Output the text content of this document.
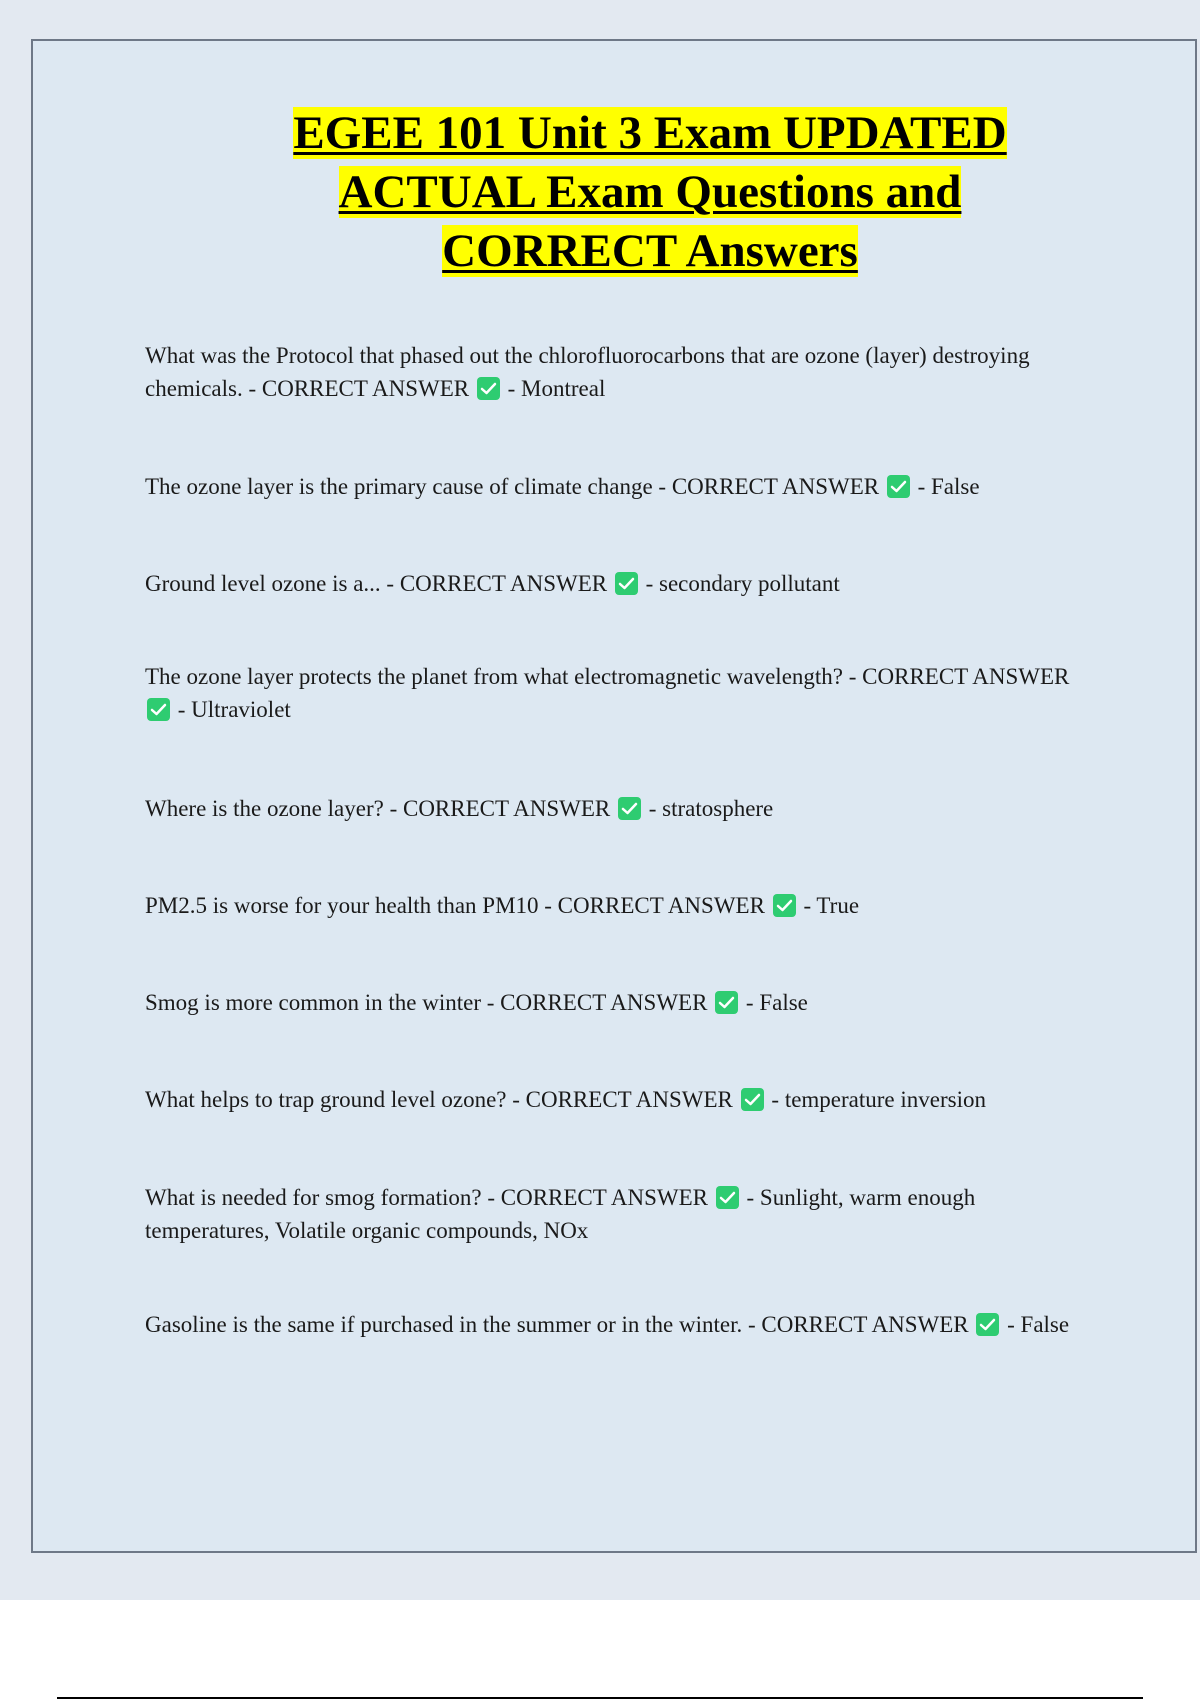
EGEE 101 Unit 3 Exam UPDATED
ACTUAL Exam Questions and
CORRECT Answers
What was the Protocol that phased out the chlorofluorocarbons that are ozone (layer) destroying chemicals. - CORRECT ANSWER - Montreal
The ozone layer is the primary cause of climate change - CORRECT ANSWER - False
Ground level ozone is a... - CORRECT ANSWER - secondary pollutant
The ozone layer protects the planet from what electromagnetic wavelength? - CORRECT ANSWER
- Ultraviolet
Where is the ozone layer? - CORRECT ANSWER - stratosphere
PM2.5 is worse for your health than PM10 - CORRECT ANSWER - True
Smog is more common in the winter - CORRECT ANSWER - False
What helps to trap ground level ozone? - CORRECT ANSWER - temperature inversion
What is needed for smog formation? - CORRECT ANSWER - Sunlight, warm enough temperatures, Volatile organic compounds, NOx
Gasoline is the same if purchased in the summer or in the winter. - CORRECT ANSWER - False
